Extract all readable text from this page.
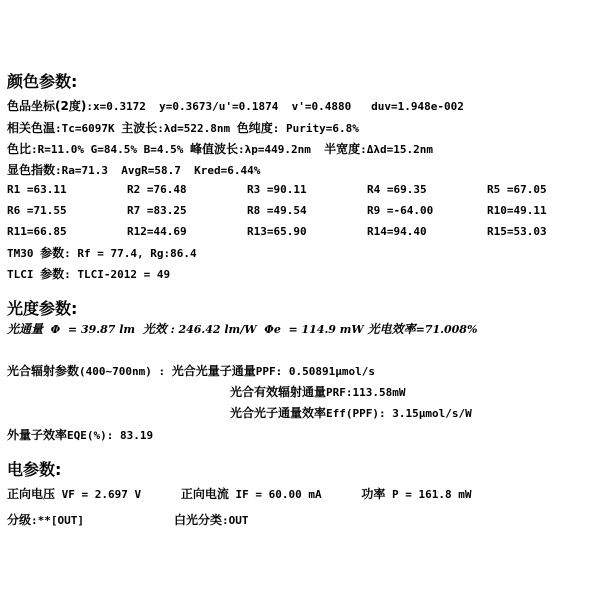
颜色参数:
色品坐标(2度):x=0.3172  y=0.3673/u'=0.1874  v'=0.4880   duv=1.948e-002
相关色温:Tc=6097K 主波长:λd=522.8nm 色纯度: Purity=6.8%
色比:R=11.0% G=84.5% B=4.5% 峰值波长:λp=449.2nm 半宽度:Δλd=15.2nm
显色指数:Ra=71.3  AvgR=58.7  Kred=6.44%
R1 =63.11	R2 =76.48	R3 =90.11	R4 =69.35	R5 =67.05
R6 =71.55	R7 =83.25	R8 =49.54	R9 =-64.00	R10=49.11
R11=66.85	R12=44.69	R13=65.90	R14=94.40	R15=53.03
TM30 参数: Rf = 77.4, Rg:86.4
TLCI 参数: TLCI-2012 = 49
光度参数:
光通量  Φ  = 39.87 lm  光效 : 246.42 lm/W  Φe  = 114.9 mW 光电效率=71.008%
光合辐射参数(400~700nm) : 光合光量子通量PPF: 0.50891μmol/s
光合有效辐射通量PRF:113.58mW
光合光子通量效率Eff(PPF): 3.15μmol/s/W
外量子效率EQE(%): 83.19
电参数:
正向电压 VF = 2.697 V	正向电流 IF = 60.00 mA	功率 P = 161.8 mW
分级:**[OUT]	白光分类:OUT
